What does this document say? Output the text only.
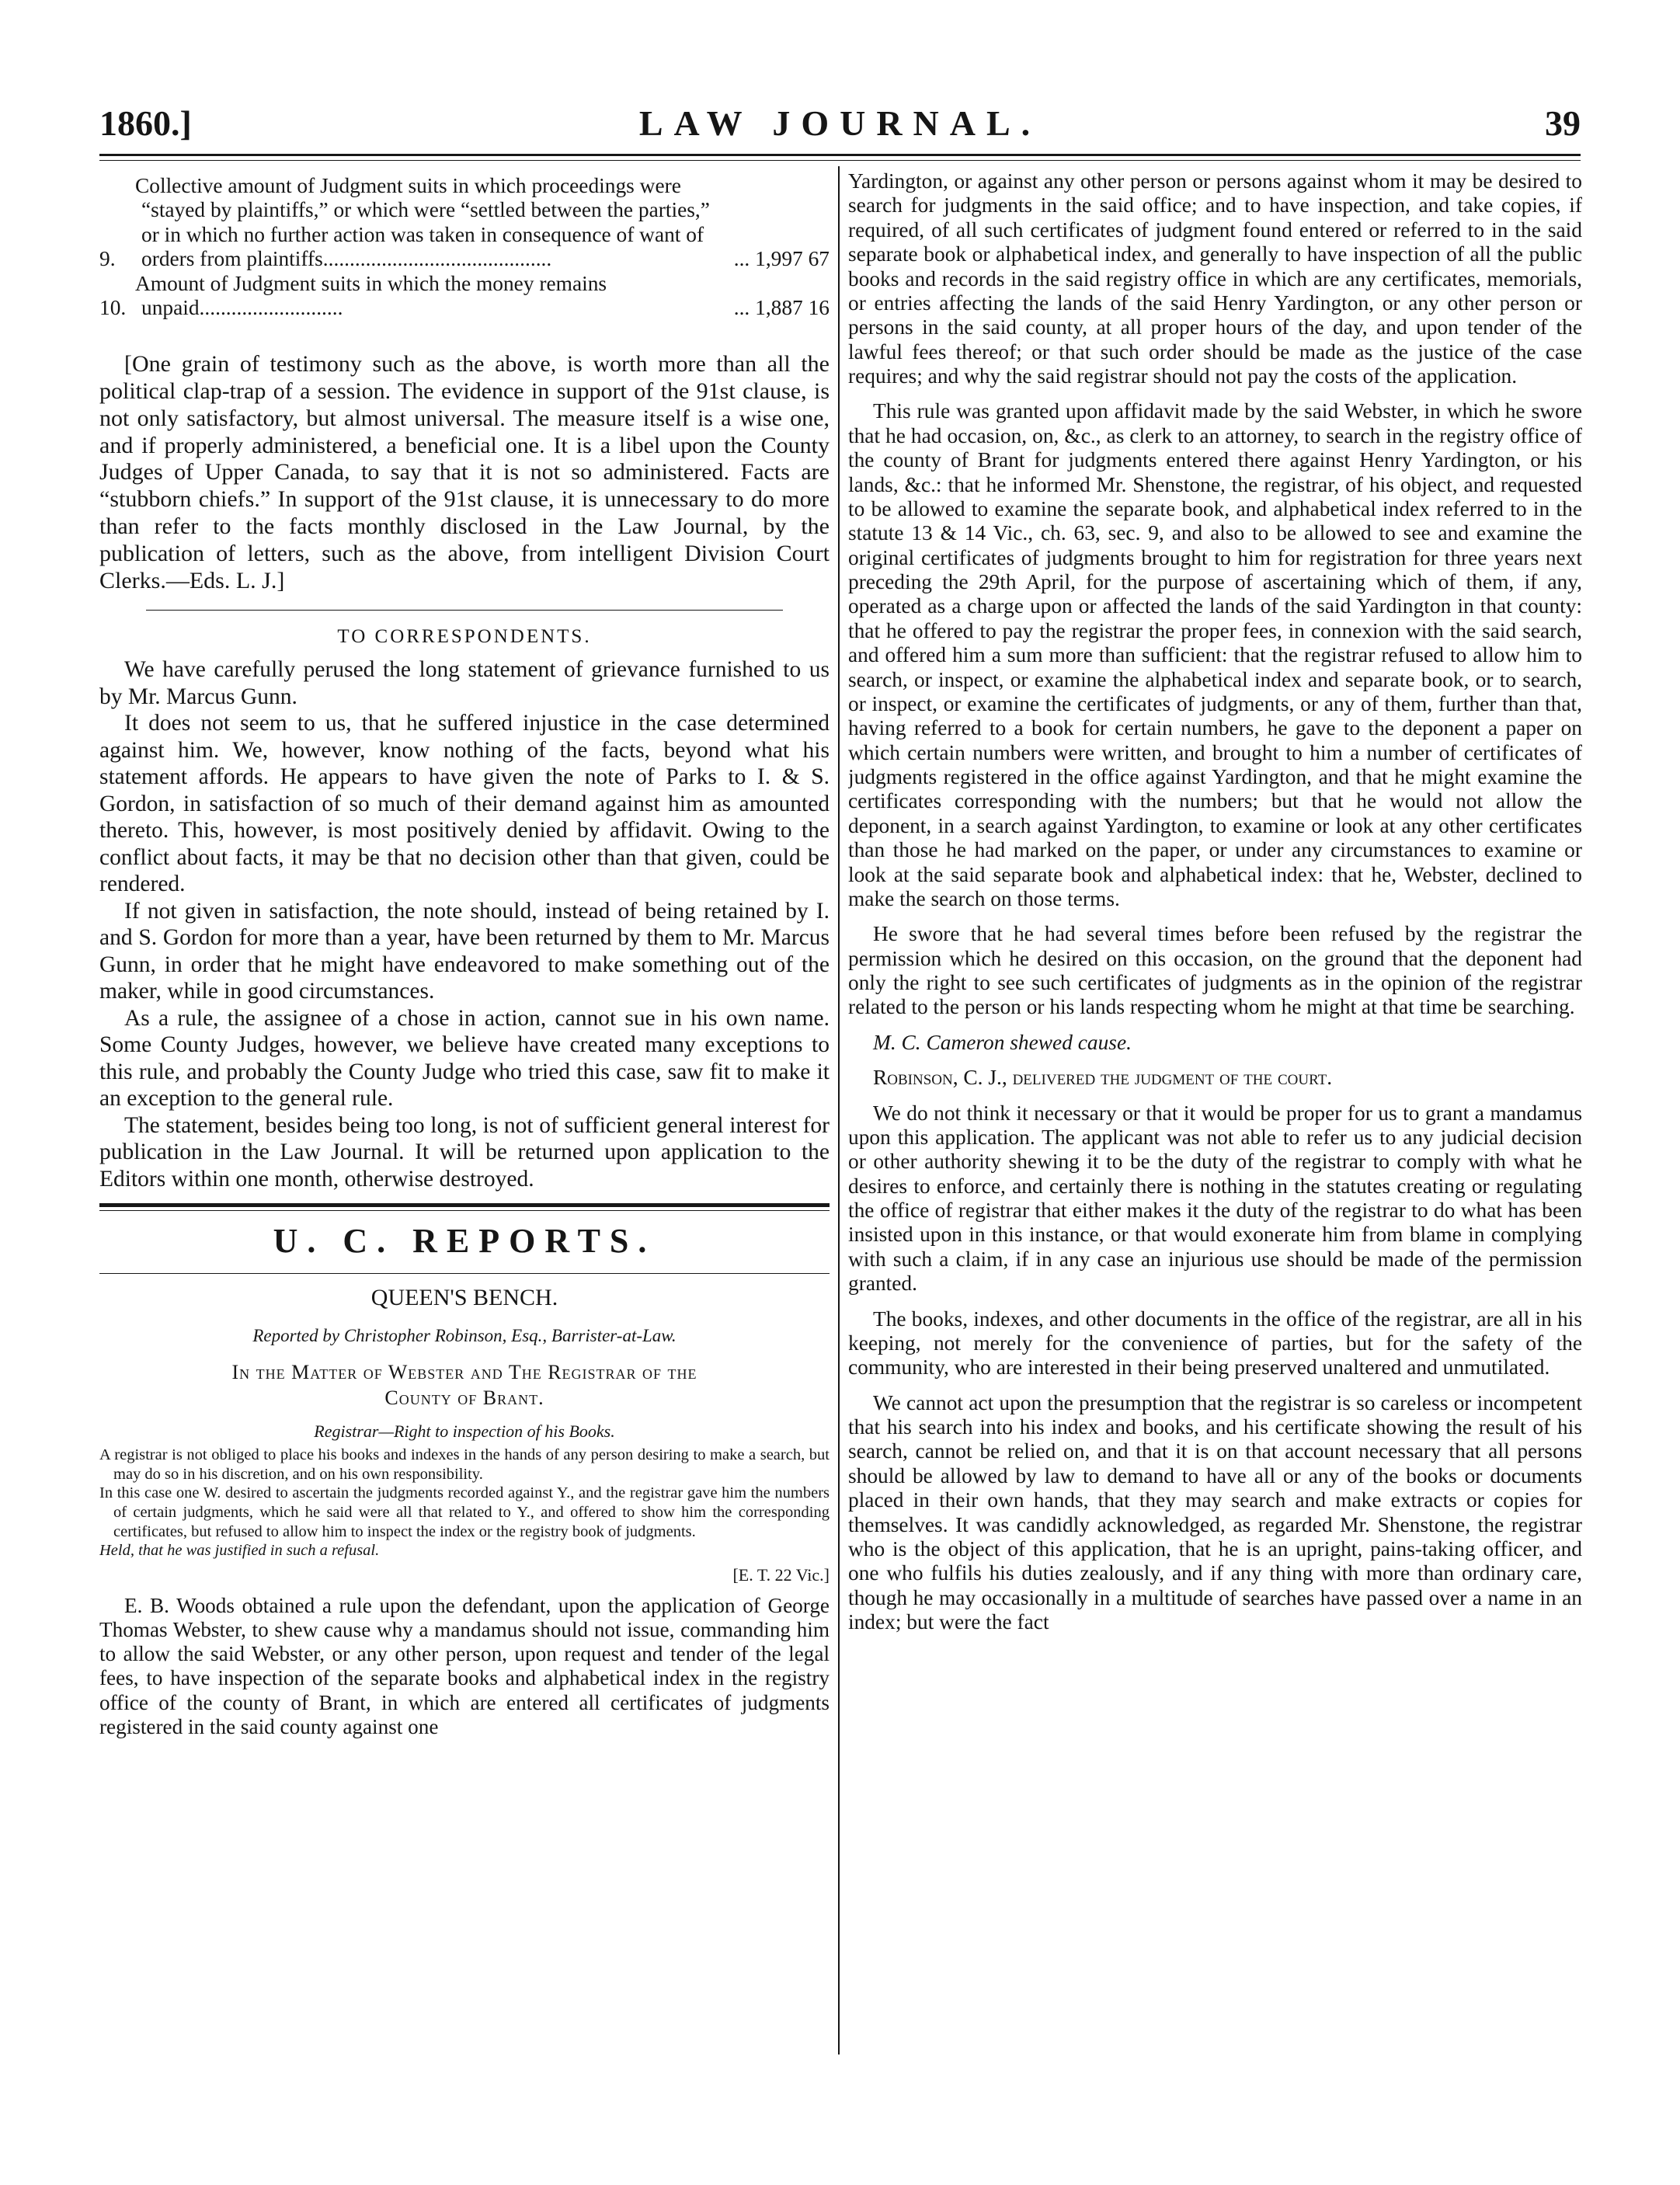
1860.]	LAW JOURNAL.	39
9.
Collective amount of Judgment suits in which proceedings were “stayed by plaintiffs,” or which were “settled between the parties,” or in which no further action was taken in consequence of want of orders from plaintiffs...........................................	... 1,997 67
10.
Amount of Judgment suits in which the money remains unpaid...........................	... 1,887 16

[One grain of testimony such as the above, is worth more than all the political clap-trap of a session. The evidence in support of the 91st clause, is not only satisfactory, but almost universal. The measure itself is a wise one, and if properly administered, a beneficial one. It is a libel upon the County Judges of Upper Canada, to say that it is not so administered. Facts are “stubborn chiefs.” In support of the 91st clause, it is unnecessary to do more than refer to the facts monthly disclosed in the Law Journal, by the publication of letters, such as the above, from intelligent Division Court Clerks.—Eds. L. J.]

TO CORRESPONDENTS.

We have carefully perused the long statement of grievance furnished to us by Mr. Marcus Gunn.

It does not seem to us, that he suffered injustice in the case determined against him. We, however, know nothing of the facts, beyond what his statement affords. He appears to have given the note of Parks to I. & S. Gordon, in satisfaction of so much of their demand against him as amounted thereto. This, however, is most positively denied by affidavit. Owing to the conflict about facts, it may be that no decision other than that given, could be rendered.

If not given in satisfaction, the note should, instead of being retained by I. and S. Gordon for more than a year, have been returned by them to Mr. Marcus Gunn, in order that he might have endeavored to make something out of the maker, while in good circumstances.

As a rule, the assignee of a chose in action, cannot sue in his own name. Some County Judges, however, we believe have created many exceptions to this rule, and probably the County Judge who tried this case, saw fit to make it an exception to the general rule.

The statement, besides being too long, is not of sufficient general interest for publication in the Law Journal. It will be returned upon application to the Editors within one month, otherwise destroyed.

U. C. REPORTS.
QUEEN'S BENCH.
Reported by Christopher Robinson, Esq., Barrister-at-Law.
In the Matter of Webster and The Registrar of the
County of Brant.
Registrar—Right to inspection of his Books.

A registrar is not obliged to place his books and indexes in the hands of any person desiring to make a search, but may do so in his discretion, and on his own responsibility.

In this case one W. desired to ascertain the judgments recorded against Y., and the registrar gave him the numbers of certain judgments, which he said were all that related to Y., and offered to show him the corresponding certificates, but refused to allow him to inspect the index or the registry book of judgments.

Held, that he was justified in such a refusal.

[E. T. 22 Vic.]

E. B. Woods obtained a rule upon the defendant, upon the application of George Thomas Webster, to shew cause why a mandamus should not issue, commanding him to allow the said Webster, or any other person, upon request and tender of the legal fees, to have inspection of the separate books and alphabetical index in the registry office of the county of Brant, in which are entered all certificates of judgments registered in the said county against one

Yardington, or against any other person or persons against whom it may be desired to search for judgments in the said office; and to have inspection, and take copies, if required, of all such certificates of judgment found entered or referred to in the said separate book or alphabetical index, and generally to have inspection of all the public books and records in the said registry office in which are any certificates, memorials, or entries affecting the lands of the said Henry Yardington, or any other person or persons in the said county, at all proper hours of the day, and upon tender of the lawful fees thereof; or that such order should be made as the justice of the case requires; and why the said registrar should not pay the costs of the application.

This rule was granted upon affidavit made by the said Webster, in which he swore that he had occasion, on, &c., as clerk to an attorney, to search in the registry office of the county of Brant for judgments entered there against Henry Yardington, or his lands, &c.: that he informed Mr. Shenstone, the registrar, of his object, and requested to be allowed to examine the separate book, and alphabetical index referred to in the statute 13 & 14 Vic., ch. 63, sec. 9, and also to be allowed to see and examine the original certificates of judgments brought to him for registration for three years next preceding the 29th April, for the purpose of ascertaining which of them, if any, operated as a charge upon or affected the lands of the said Yardington in that county: that he offered to pay the registrar the proper fees, in connexion with the said search, and offered him a sum more than sufficient: that the registrar refused to allow him to search, or inspect, or examine the alphabetical index and separate book, or to search, or inspect, or examine the certificates of judgments, or any of them, further than that, having referred to a book for certain numbers, he gave to the deponent a paper on which certain numbers were written, and brought to him a number of certificates of judgments registered in the office against Yardington, and that he might examine the certificates corresponding with the numbers; but that he would not allow the deponent, in a search against Yardington, to examine or look at any other certificates than those he had marked on the paper, or under any circumstances to examine or look at the said separate book and alphabetical index: that he, Webster, declined to make the search on those terms.

He swore that he had several times before been refused by the registrar the permission which he desired on this occasion, on the ground that the deponent had only the right to see such certificates of judgments as in the opinion of the registrar related to the person or his lands respecting whom he might at that time be searching.

M. C. Cameron shewed cause.

Robinson, C. J., delivered the judgment of the court.

We do not think it necessary or that it would be proper for us to grant a mandamus upon this application. The applicant was not able to refer us to any judicial decision or other authority shewing it to be the duty of the registrar to comply with what he desires to enforce, and certainly there is nothing in the statutes creating or regulating the office of registrar that either makes it the duty of the registrar to do what has been insisted upon in this instance, or that would exonerate him from blame in complying with such a claim, if in any case an injurious use should be made of the permission granted.

The books, indexes, and other documents in the office of the registrar, are all in his keeping, not merely for the convenience of parties, but for the safety of the community, who are interested in their being preserved unaltered and unmutilated.

We cannot act upon the presumption that the registrar is so careless or incompetent that his search into his index and books, and his certificate showing the result of his search, cannot be relied on, and that it is on that account necessary that all persons should be allowed by law to demand to have all or any of the books or documents placed in their own hands, that they may search and make extracts or copies for themselves. It was candidly acknowledged, as regarded Mr. Shenstone, the registrar who is the object of this application, that he is an upright, pains-taking officer, and one who fulfils his duties zealously, and if any thing with more than ordinary care, though he may occasionally in a multitude of searches have passed over a name in an index; but were the fact
